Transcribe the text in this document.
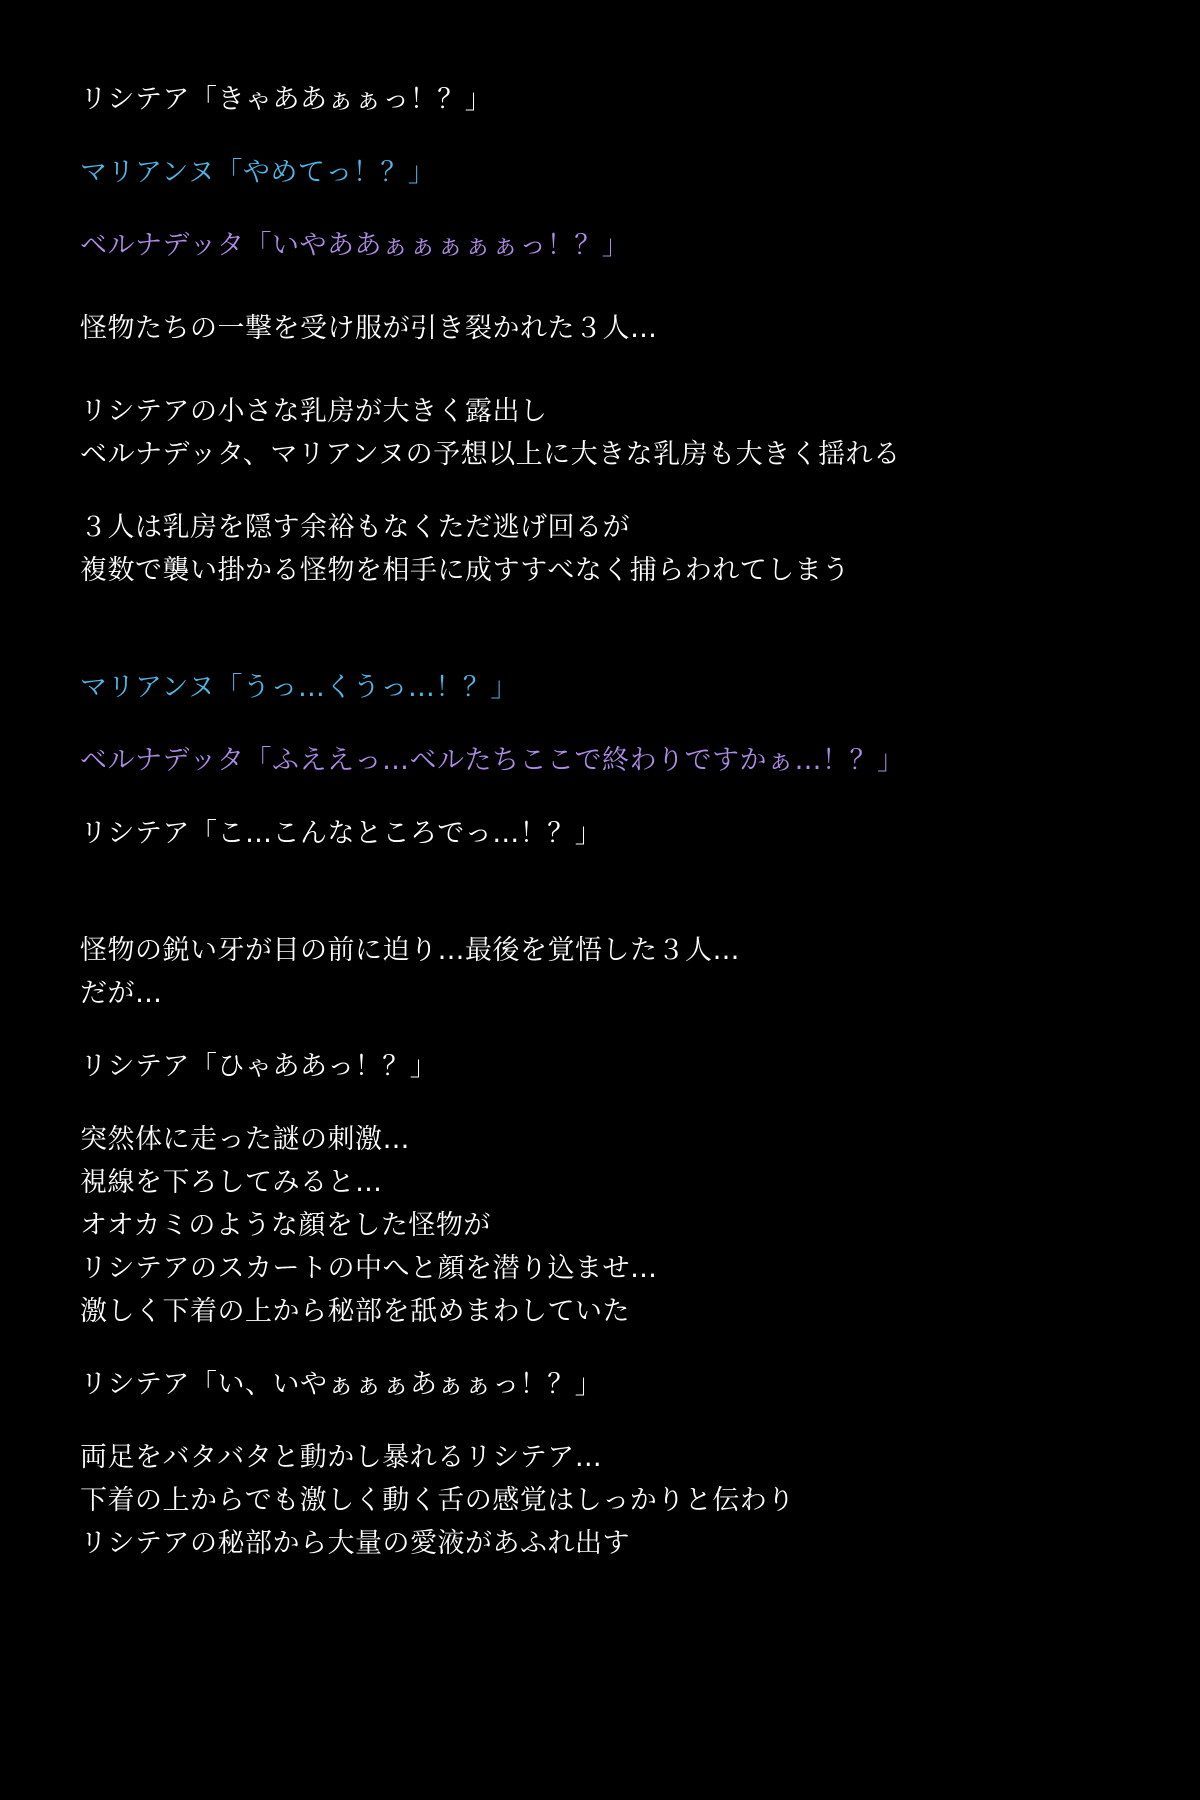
リシテア「きゃああぁぁっ！？」
マリアンヌ「やめてっ！？」
ベルナデッタ「いやああぁぁぁぁぁっ！？」
怪物たちの一撃を受け服が引き裂かれた３人…
リシテアの小さな乳房が大きく露出し
ベルナデッタ、マリアンヌの予想以上に大きな乳房も大きく揺れる
３人は乳房を隠す余裕もなくただ逃げ回るが
複数で襲い掛かる怪物を相手に成すすべなく捕らわれてしまう
マリアンヌ「うっ…くうっ…！？」
ベルナデッタ「ふええっ…ベルたちここで終わりですかぁ…！？」
リシテア「こ…こんなところでっ…！？」
怪物の鋭い牙が目の前に迫り…最後を覚悟した３人…
だが…
リシテア「ひゃああっ！？」
突然体に走った謎の刺激…
視線を下ろしてみると…
オオカミのような顔をした怪物が
リシテアのスカートの中へと顔を潜り込ませ…
激しく下着の上から秘部を舐めまわしていた
リシテア「い、いやぁぁぁあぁぁっ！？」
両足をバタバタと動かし暴れるリシテア…
下着の上からでも激しく動く舌の感覚はしっかりと伝わり
リシテアの秘部から大量の愛液があふれ出す
